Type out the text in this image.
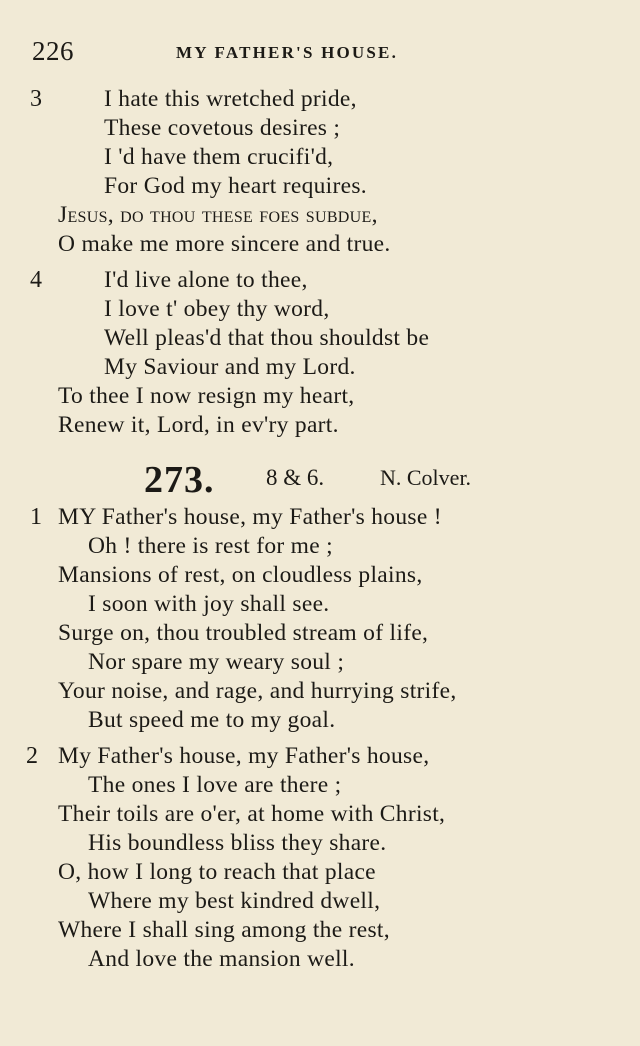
226	MY FATHER'S HOUSE.
3	I hate this wretched pride,
These covetous desires ;
I 'd have them crucifi'd,
For God my heart requires.
Jesus, do thou these foes subdue,
O make me more sincere and true.
4	I'd live alone to thee,
I love t' obey thy word,
Well pleas'd that thou shouldst be
My Saviour and my Lord.
To thee I now resign my heart,
Renew it, Lord, in ev'ry part.
273. 8 & 6.	N. Colver.
1 MY Father's house, my Father's house !
Oh ! there is rest for me ;
Mansions of rest, on cloudless plains,
I soon with joy shall see.
Surge on, thou troubled stream of life,
Nor spare my weary soul ;
Your noise, and rage, and hurrying strife,
But speed me to my goal.
2 My Father's house, my Father's house,
The ones I love are there ;
Their toils are o'er, at home with Christ,
His boundless bliss they share.
O, how I long to reach that place
Where my best kindred dwell,
Where I shall sing among the rest,
And love the mansion well.
